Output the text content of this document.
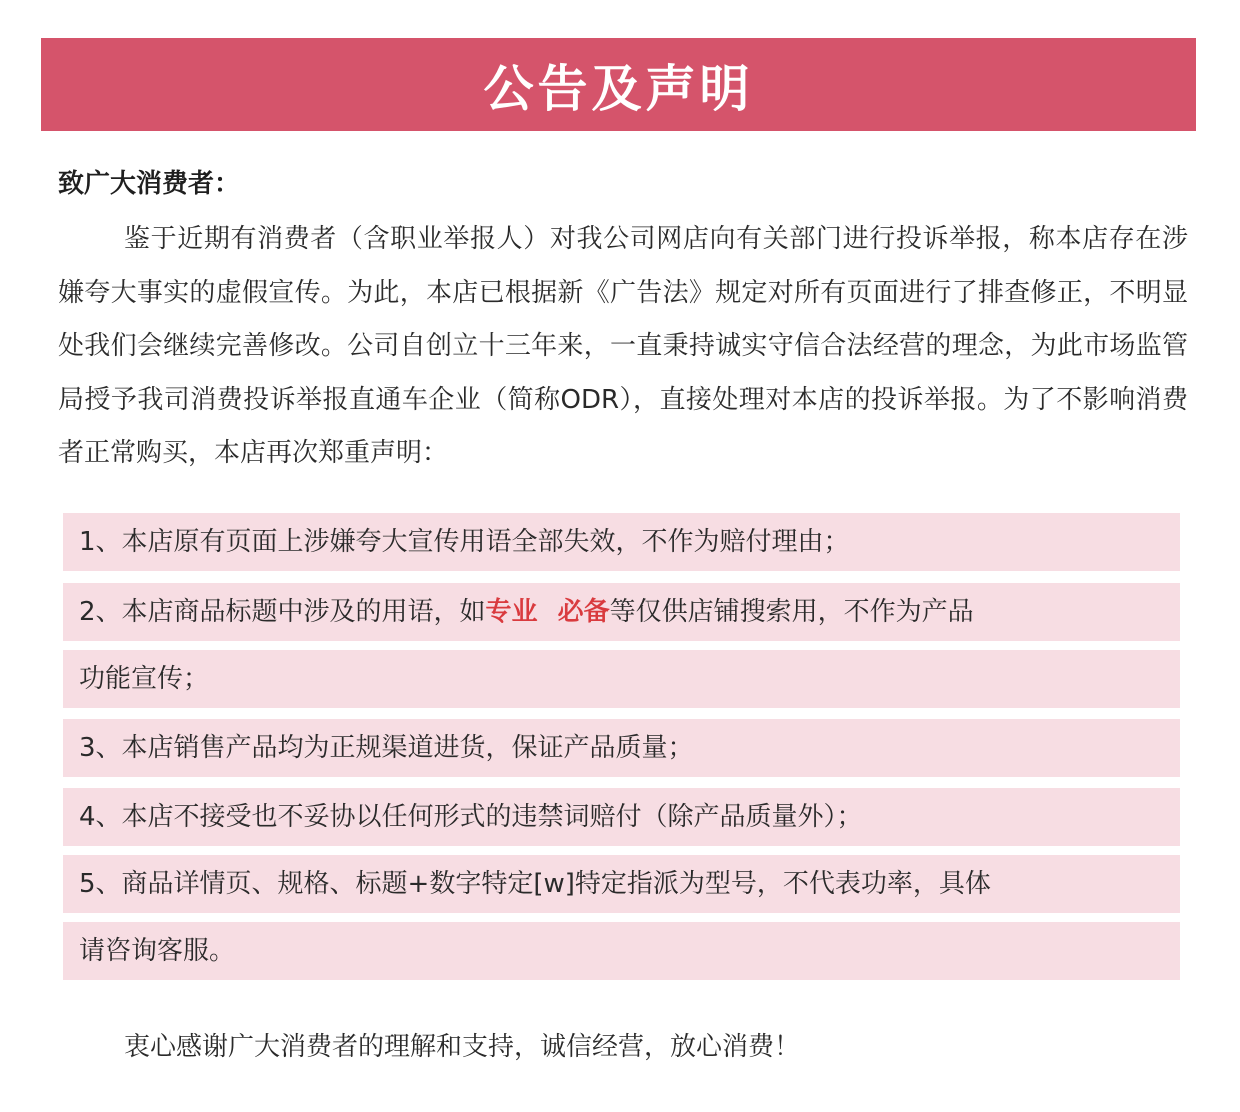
公告及声明
致广大消费者：
鉴于近期有消费者（含职业举报人）对我公司网店向有关部门进行投诉举报，称本店存在涉嫌夸大事实的虚假宣传。为此，本店已根据新《广告法》规定对所有页面进行了排查修正，不明显处我们会继续完善修改。公司自创立十三年来，一直秉持诚实守信合法经营的理念，为此市场监管局授予我司消费投诉举报直通车企业（简称ODR），直接处理对本店的投诉举报。为了不影响消费者正常购买，本店再次郑重声明：
1、本店原有页面上涉嫌夸大宣传用语全部失效，不作为赔付理由；
2、本店商品标题中涉及的用语，如专业 必备等仅供店铺搜索用，不作为产品
功能宣传；
3、本店销售产品均为正规渠道进货，保证产品质量；
4、本店不接受也不妥协以任何形式的违禁词赔付（除产品质量外）；
5、商品详情页、规格、标题+数字特定[w]特定指派为型号，不代表功率，具体
请咨询客服。
衷心感谢广大消费者的理解和支持，诚信经营，放心消费！
